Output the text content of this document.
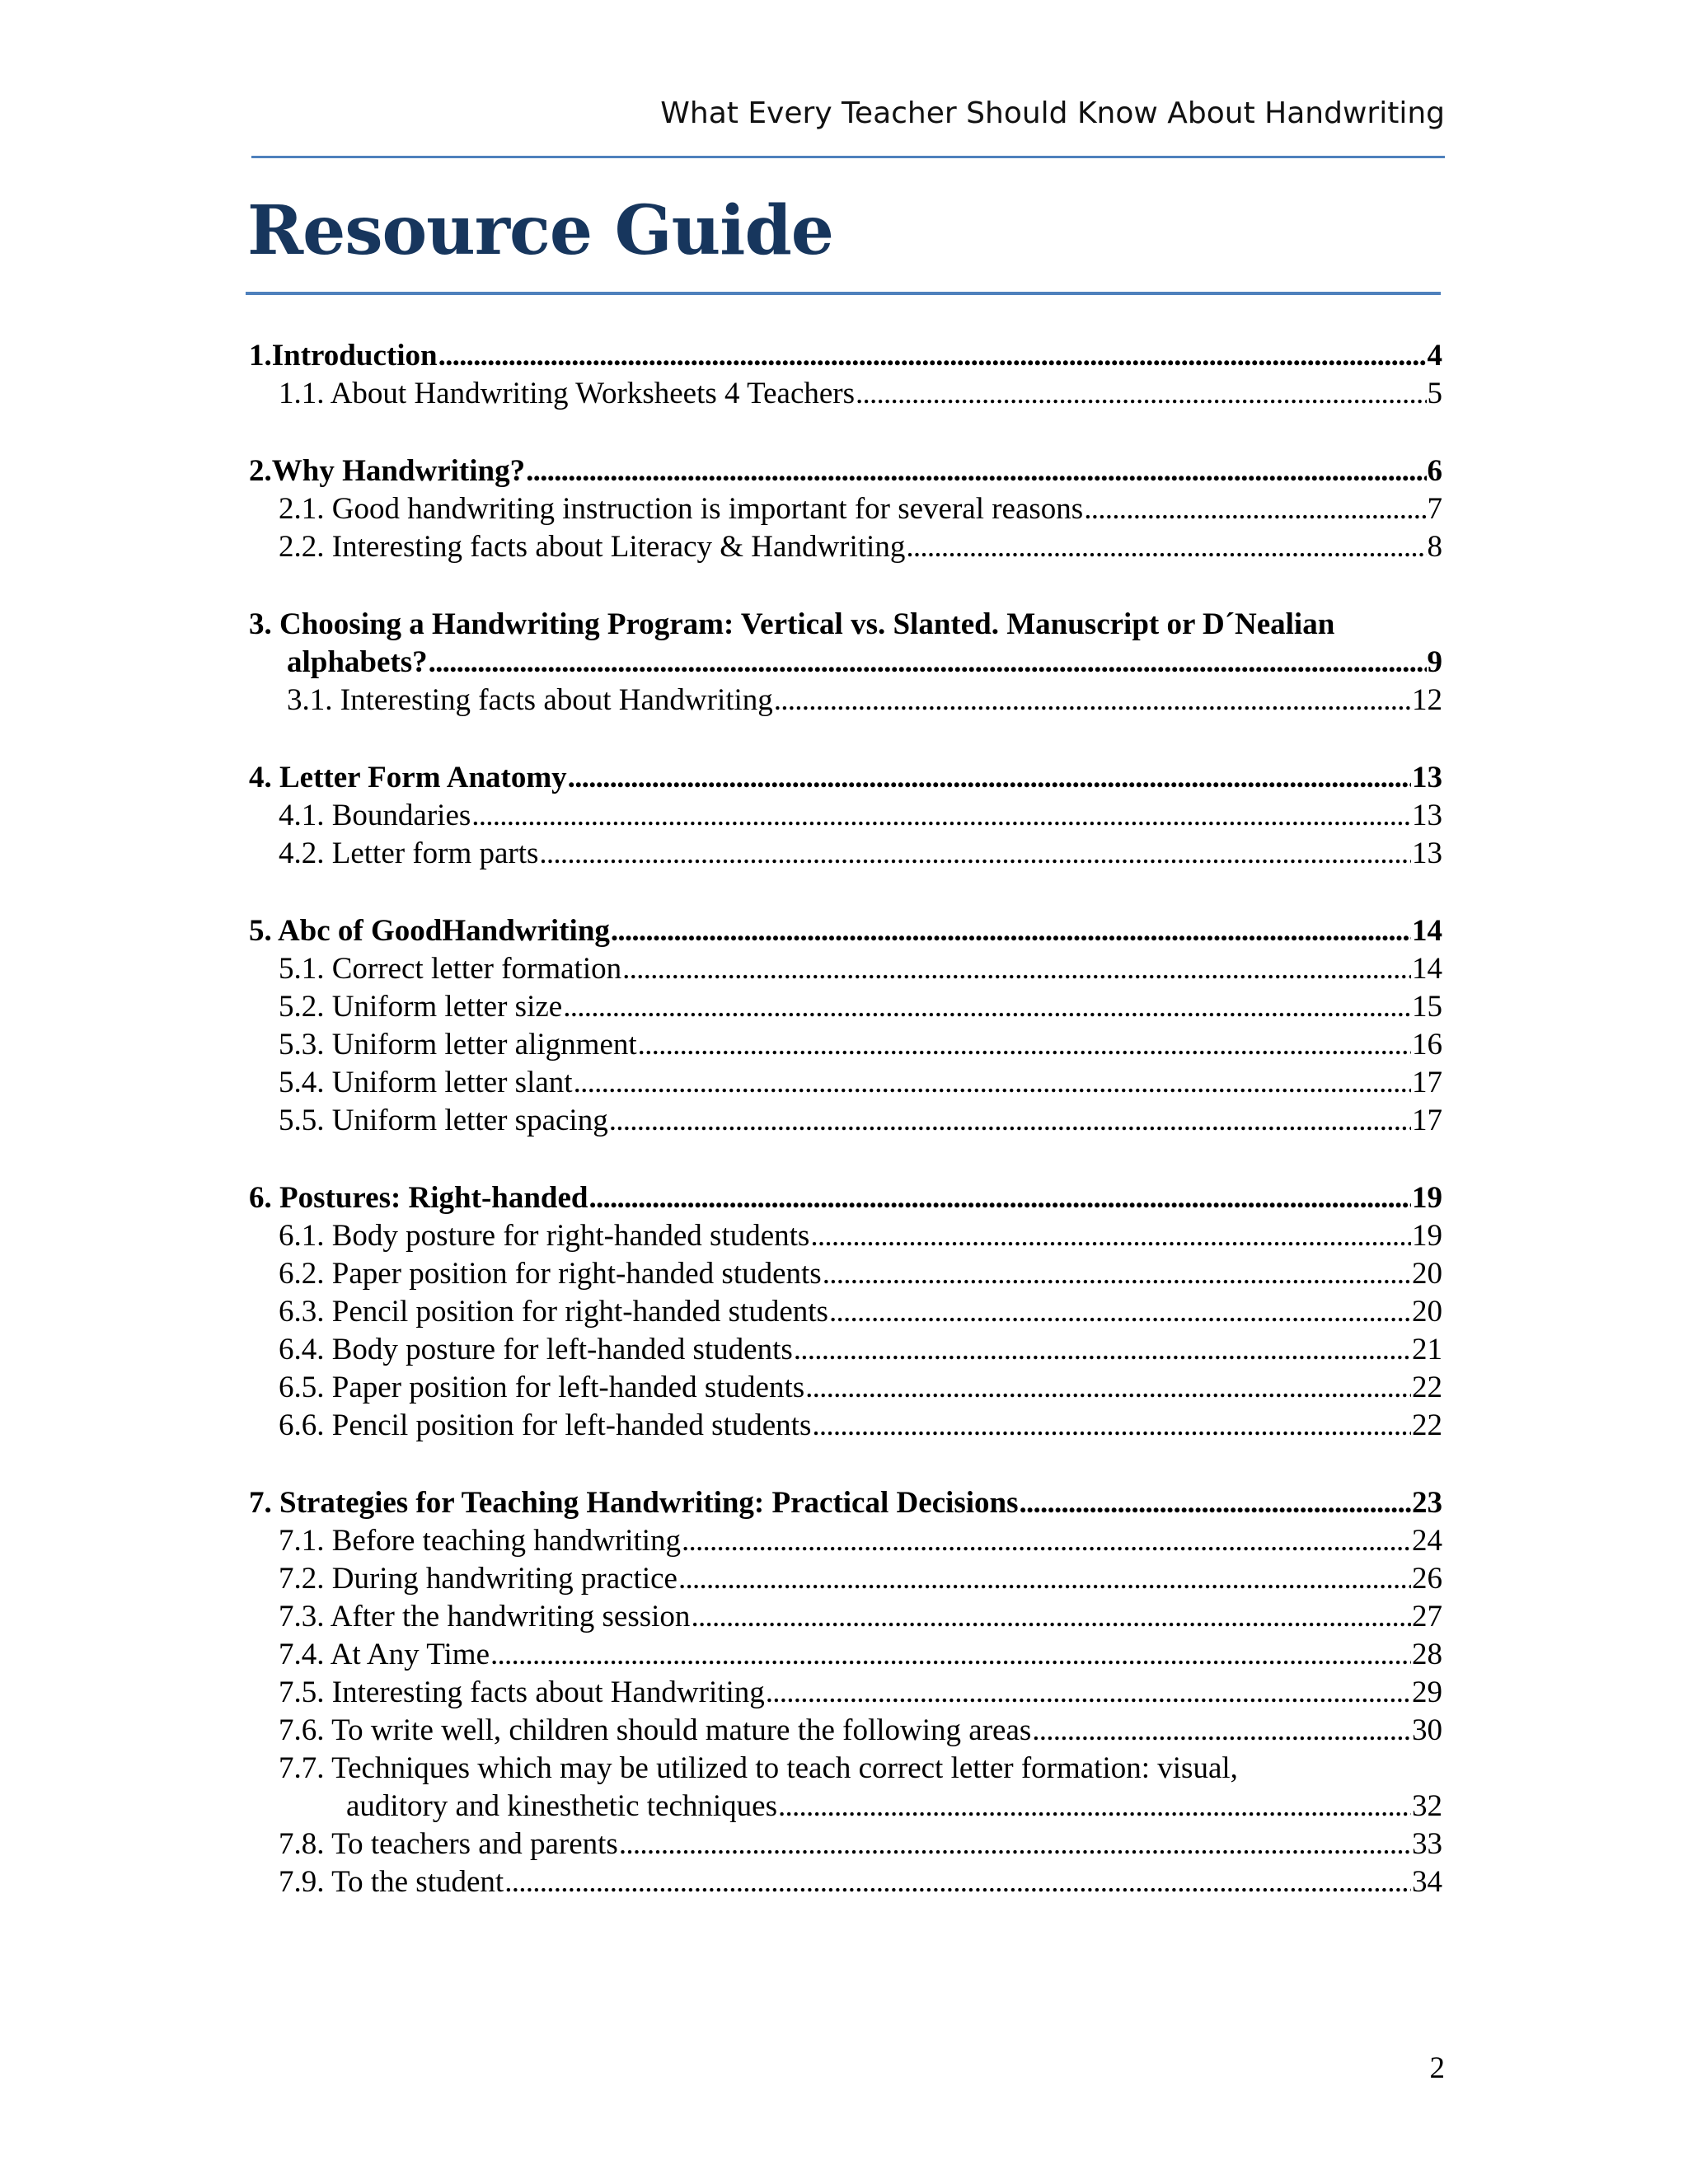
What Every Teacher Should Know About Handwriting
Resource Guide
1.Introduction . . .	4
1.1. About Handwriting Worksheets 4 Teachers . . .	5
2.Why Handwriting? . . .	6
2.1. Good handwriting instruction is important for several reasons . . .	7
2.2. Interesting facts about Literacy & Handwriting . . .	8
3. Choosing a Handwriting Program: Vertical vs. Slanted. Manuscript or D´Nealian
alphabets? . . .	9
3.1. Interesting facts about Handwriting . . .	12
4. Letter Form Anatomy . . .	13
4.1. Boundaries . . .	13
4.2. Letter form parts . . .	13
5. Abc of GoodHandwriting . . .	14
5.1. Correct letter formation . . .	14
5.2. Uniform letter size . . .	15
5.3. Uniform letter alignment . . .	16
5.4. Uniform letter slant . . .	17
5.5. Uniform letter spacing . . .	17
6. Postures: Right-handed . . .	19
6.1. Body posture for right-handed students . . .	19
6.2. Paper position for right-handed students . . .	20
6.3. Pencil position for right-handed students . . .	20
6.4. Body posture for left-handed students . . .	21
6.5. Paper position for left-handed students . . .	22
6.6. Pencil position for left-handed students . . .	22
7. Strategies for Teaching Handwriting: Practical Decisions . . .	23
7.1. Before teaching handwriting . . .	24
7.2. During handwriting practice . . .	26
7.3. After the handwriting session . . .	27
7.4. At Any Time . . .	28
7.5. Interesting facts about Handwriting . . .	29
7.6. To write well, children should mature the following areas . . .	30
7.7. Techniques which may be utilized to teach correct letter formation: visual,
auditory and kinesthetic techniques . . .	32
7.8. To teachers and parents . . .	33
7.9. To the student . . .	34
2
